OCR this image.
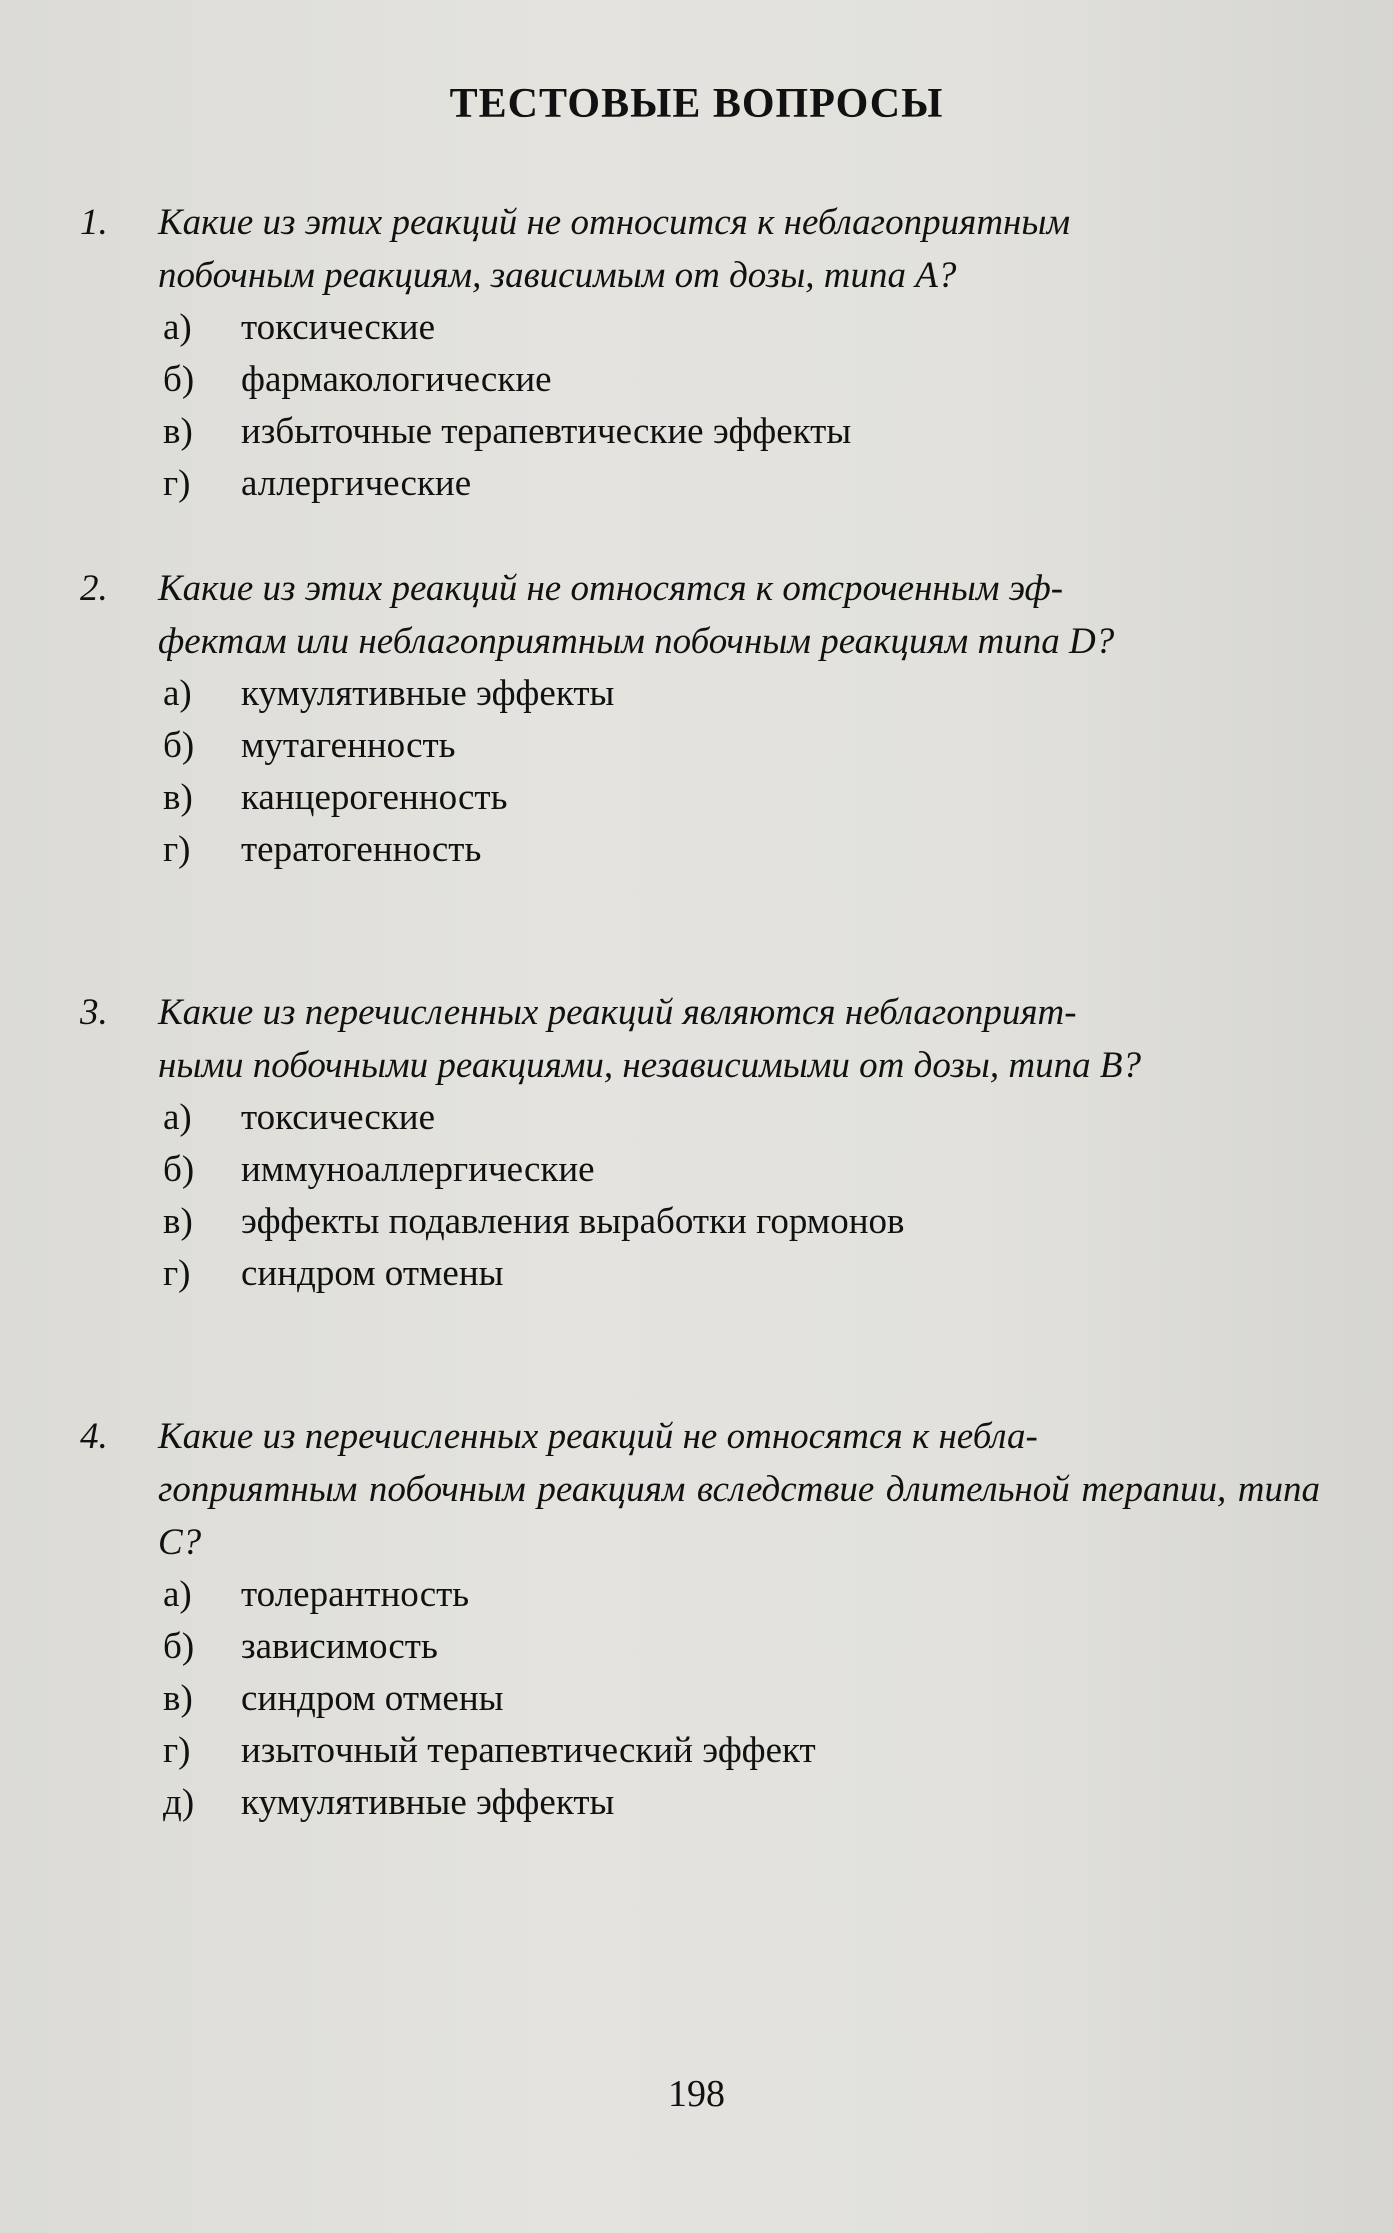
ТЕСТОВЫЕ ВОПРОСЫ

1. Какие из этих реакций не относится к неблагоприятным
побочным реакциям, зависимым от дозы, типа А?

а) токсические
б) фармакологические
в) избыточные терапевтические эффекты
г) аллергические

2. Какие из этих реакций не относятся к отсроченным эф-
фектам или неблагоприятным побочным реакциям типа D?

а) кумулятивные эффекты
б) мутагенность
в) канцерогенность
г) тератогенность

3. Какие из перечисленных реакций являются неблагоприят-
ными побочными реакциями, независимыми от дозы, типа В?

а) токсические
б) иммуноаллергические
в) эффекты подавления выработки гормонов
г) синдром отмены

4. Какие из перечисленных реакций не относятся к небла-
гоприятным побочным реакциям вследствие длительной терапии, типа С?

а) толерантность
б) зависимость
в) синдром отмены
г) изытoчный терапевтический эффект
д) кумулятивные эффекты
198
